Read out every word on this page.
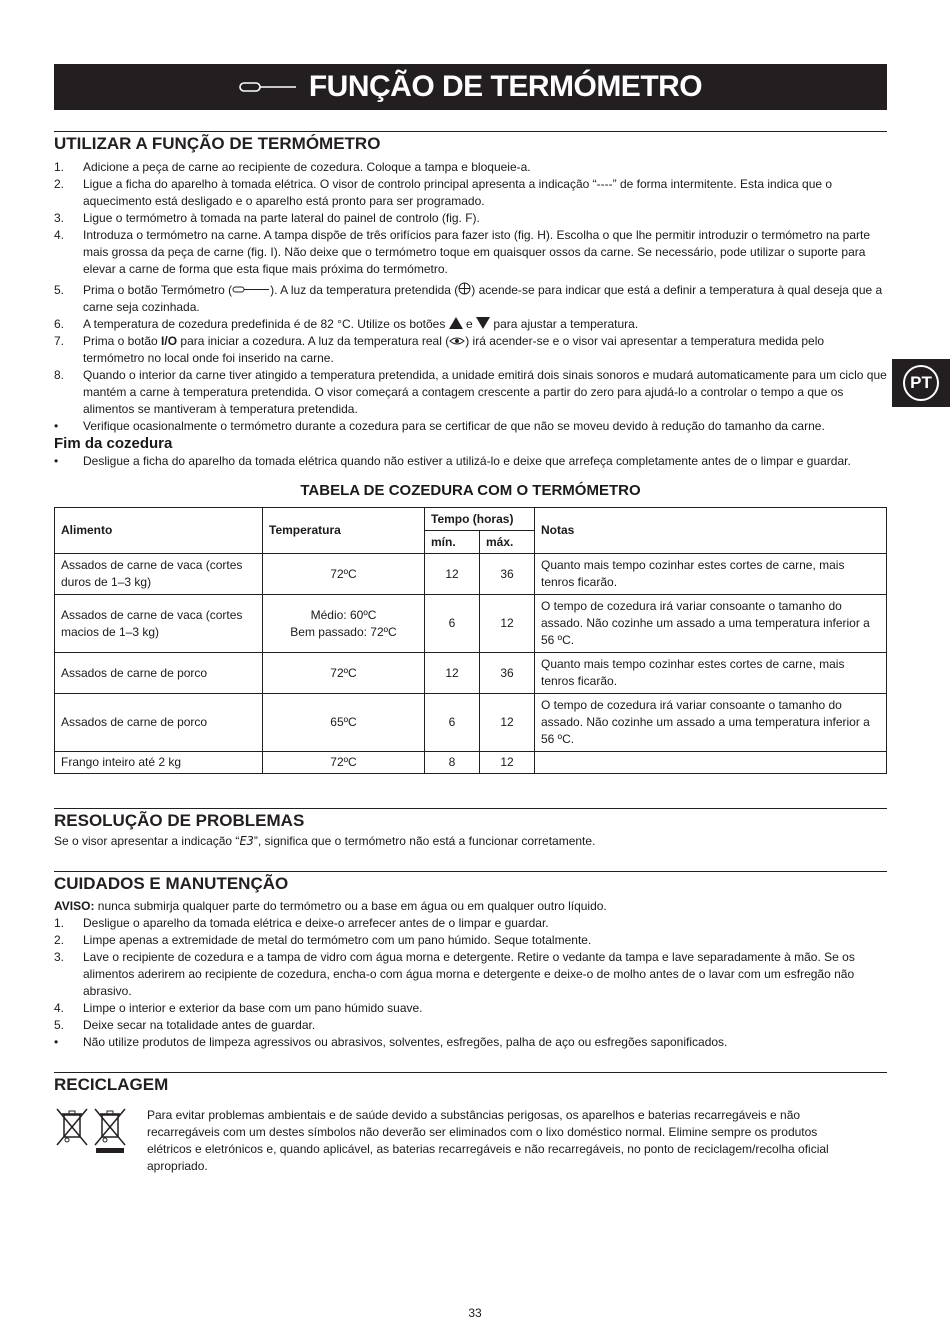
FUNÇÃO DE TERMÓMETRO
PT
UTILIZAR A FUNÇÃO DE TERMÓMETRO
1. Adicione a peça de carne ao recipiente de cozedura. Coloque a tampa e bloqueie-a.
2. Ligue a ficha do aparelho à tomada elétrica. O visor de controlo principal apresenta a indicação “----” de forma intermitente. Esta indica que o aquecimento está desligado e o aparelho está pronto para ser programado.
3. Ligue o termómetro à tomada na parte lateral do painel de controlo (fig. F).
4. Introduza o termómetro na carne. A tampa dispõe de três orifícios para fazer isto (fig. H). Escolha o que lhe permitir introduzir o termómetro na parte mais grossa da peça de carne (fig. I). Não deixe que o termómetro toque em quaisquer ossos da carne. Se necessário, pode utilizar o suporte para elevar a carne de forma que esta fique mais próxima do termómetro.
5. Prima o botão Termómetro (	). A luz da temperatura pretendida ( ) acende-se para indicar que está a definir a temperatura à qual deseja que a carne seja cozinhada.
6. A temperatura de cozedura predefinida é de 82 °C. Utilize os botões e para ajustar a temperatura.
7. Prima o botão I/O para iniciar a cozedura. A luz da temperatura real ( ) irá acender-se e o visor vai apresentar a temperatura medida pelo termómetro no local onde foi inserido na carne.
8. Quando o interior da carne tiver atingido a temperatura pretendida, a unidade emitirá dois sinais sonoros e mudará automaticamente para um ciclo que mantém a carne à temperatura pretendida. O visor começará a contagem crescente a partir do zero para ajudá-lo a controlar o tempo a que os alimentos se mantiveram à temperatura pretendida.
• Verifique ocasionalmente o termómetro durante a cozedura para se certificar de que não se moveu devido à redução do tamanho da carne.

Fim da cozedura

• Desligue a ficha do aparelho da tomada elétrica quando não estiver a utilizá-lo e deixe que arrefeça completamente antes de o limpar e guardar.
TABELA DE COZEDURA COM O TERMÓMETRO
Alimento	Temperatura	Tempo (horas)		Notas
		mín.	máx.	
Assados de carne de vaca (cortes duros de 1–3 kg)	72ºC	12	36	Quanto mais tempo cozinhar estes cortes de carne, mais tenros ficarão.
Assados de carne de vaca (cortes macios de 1–3 kg)	Médio: 60ºC
Bem passado: 72ºC	6	12	O tempo de cozedura irá variar consoante o tamanho do assado. Não cozinhe um assado a uma temperatura inferior a 56 ºC.
Assados de carne de porco	72ºC	12	36	Quanto mais tempo cozinhar estes cortes de carne, mais tenros ficarão.
Assados de carne de porco	65ºC	6	12	O tempo de cozedura irá variar consoante o tamanho do assado. Não cozinhe um assado a uma temperatura inferior a 56 ºC.
Frango inteiro até 2 kg	72ºC	8	12	
RESOLUÇÃO DE PROBLEMAS
Se o visor apresentar a indicação “E3”, significa que o termómetro não está a funcionar corretamente.
CUIDADOS E MANUTENÇÃO
AVISO: nunca submirja qualquer parte do termómetro ou a base em água ou em qualquer outro líquido.
1. Desligue o aparelho da tomada elétrica e deixe-o arrefecer antes de o limpar e guardar.
2. Limpe apenas a extremidade de metal do termómetro com um pano húmido. Seque totalmente.
3. Lave o recipiente de cozedura e a tampa de vidro com água morna e detergente. Retire o vedante da tampa e lave separadamente à mão. Se os alimentos aderirem ao recipiente de cozedura, encha-o com água morna e detergente e deixe-o de molho antes de o lavar com um esfregão não abrasivo.
4. Limpe o interior e exterior da base com um pano húmido suave.
5. Deixe secar na totalidade antes de guardar.
• Não utilize produtos de limpeza agressivos ou abrasivos, solventes, esfregões, palha de aço ou esfregões saponificados.
RECICLAGEM
Para evitar problemas ambientais e de saúde devido a substâncias perigosas, os aparelhos e baterias recarregáveis e não recarregáveis com um destes símbolos não deverão ser eliminados com o lixo doméstico normal. Elimine sempre os produtos elétricos e eletrónicos e, quando aplicável, as baterias recarregáveis e não recarregáveis, no ponto de reciclagem/recolha oficial apropriado.
33
